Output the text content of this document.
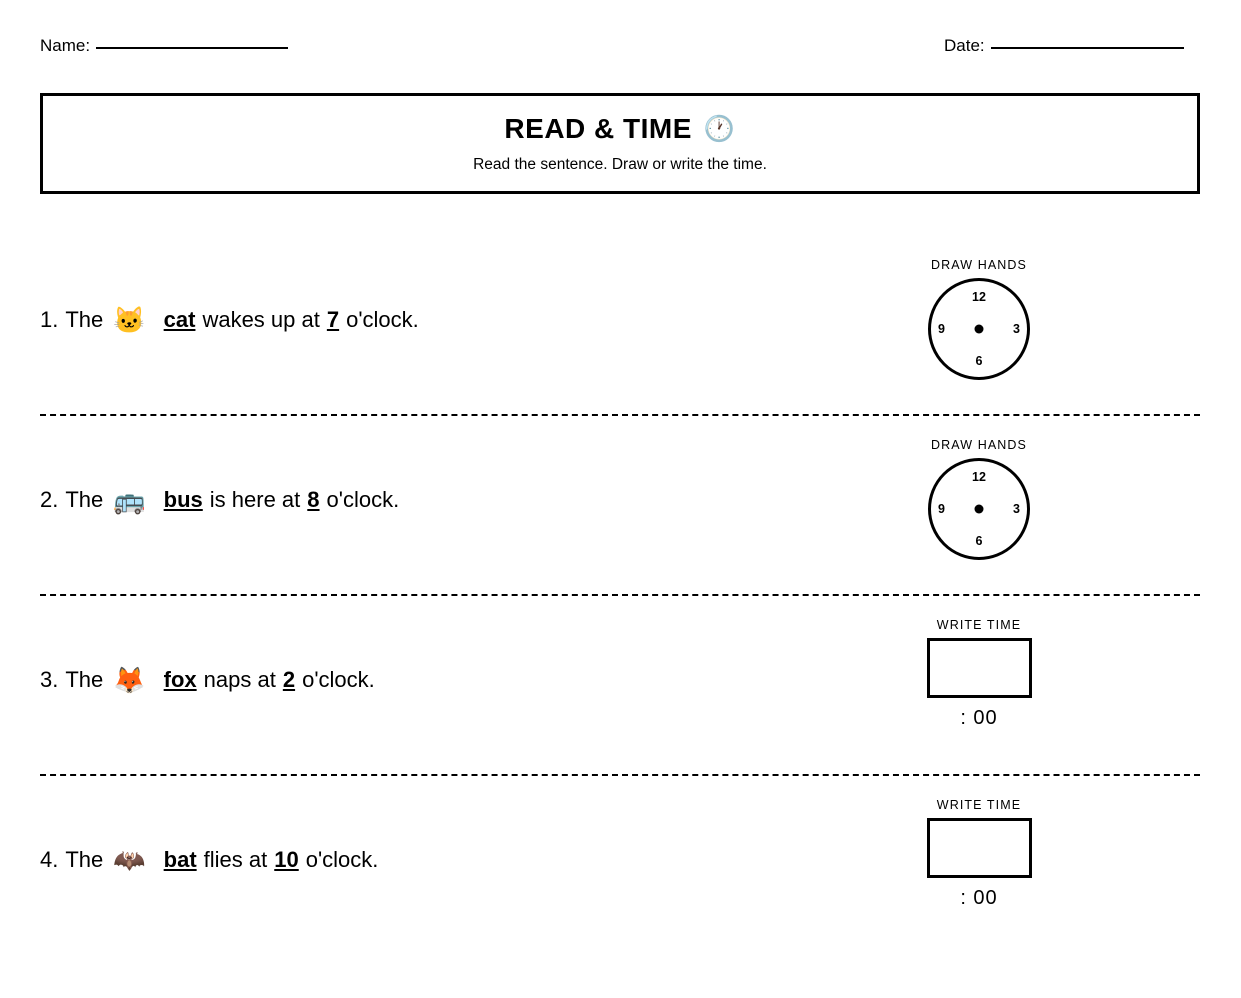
Name:	Date:
READ & TIME 🕐
Read the sentence. Draw or write the time.
1. The 🐱 cat wakes up at 7 o'clock.
DRAW HANDS
12
3
6
9
2. The 🚌 bus is here at 8 o'clock.
DRAW HANDS
12
3
6
9
3. The 🦊 fox naps at 2 o'clock.
WRITE TIME
: 00
4. The 🦇 bat flies at 10 o'clock.
WRITE TIME
: 00
